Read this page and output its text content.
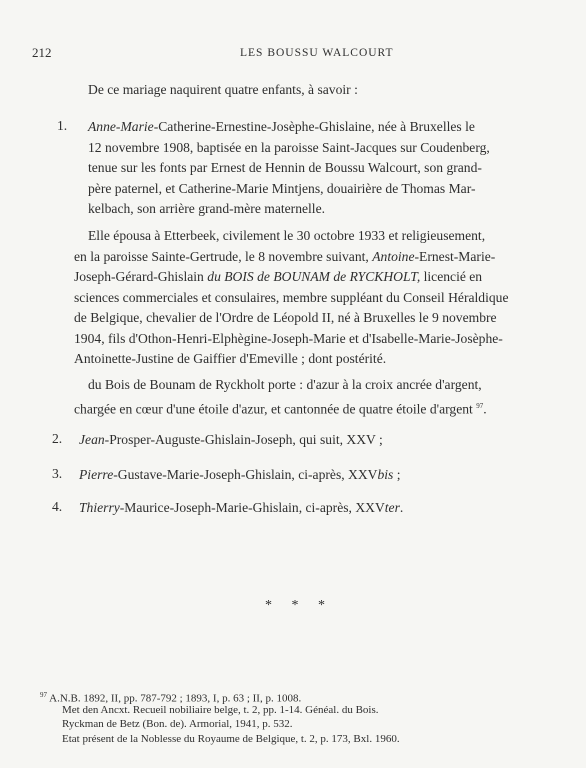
212	LES BOUSSU WALCOURT
De ce mariage naquirent quatre enfants, à savoir :
1. Anne-Marie-Catherine-Ernestine-Josèphe-Ghislaine, née à Bruxelles le
12 novembre 1908, baptisée en la paroisse Saint-Jacques sur Coudenberg,
tenue sur les fonts par Ernest de Hennin de Boussu Walcourt, son grand-
père paternel, et Catherine-Marie Mintjens, douairière de Thomas Mar-
kelbach, son arrière grand-mère maternelle.
Elle épousa à Etterbeek, civilement le 30 octobre 1933 et religieusement,
en la paroisse Sainte-Gertrude, le 8 novembre suivant, Antoine-Ernest-Marie-
Joseph-Gérard-Ghislain du BOIS de BOUNAM de RYCKHOLT, licencié en
sciences commerciales et consulaires, membre suppléant du Conseil Héraldique
de Belgique, chevalier de l'Ordre de Léopold II, né à Bruxelles le 9 novembre
1904, fils d'Othon-Henri-Elphègine-Joseph-Marie et d'Isabelle-Marie-Josèphe-
Antoinette-Justine de Gaiffier d'Emeville ; dont postérité.
du Bois de Bounam de Ryckholt porte : d'azur à la croix ancrée d'argent,
chargée en cœur d'une étoile d'azur, et cantonnée de quatre étoile d'argent $^{97}$.
2. Jean-Prosper-Auguste-Ghislain-Joseph, qui suit, XXV ;
3. Pierre-Gustave-Marie-Joseph-Ghislain, ci-après, XXVbis ;
4. Thierry-Maurice-Joseph-Marie-Ghislain, ci-après, XXVter.
* * *
$^{97}$ A.N.B. 1892, II, pp. 787-792 ; 1893, I, p. 63 ; II, p. 1008.
Met den Ancxt. Recueil nobiliaire belge, t. 2, pp. 1-14. Généal. du Bois.
Ryckman de Betz (Bon. de). Armorial, 1941, p. 532.
Etat présent de la Noblesse du Royaume de Belgique, t. 2, p. 173, Bxl. 1960.
